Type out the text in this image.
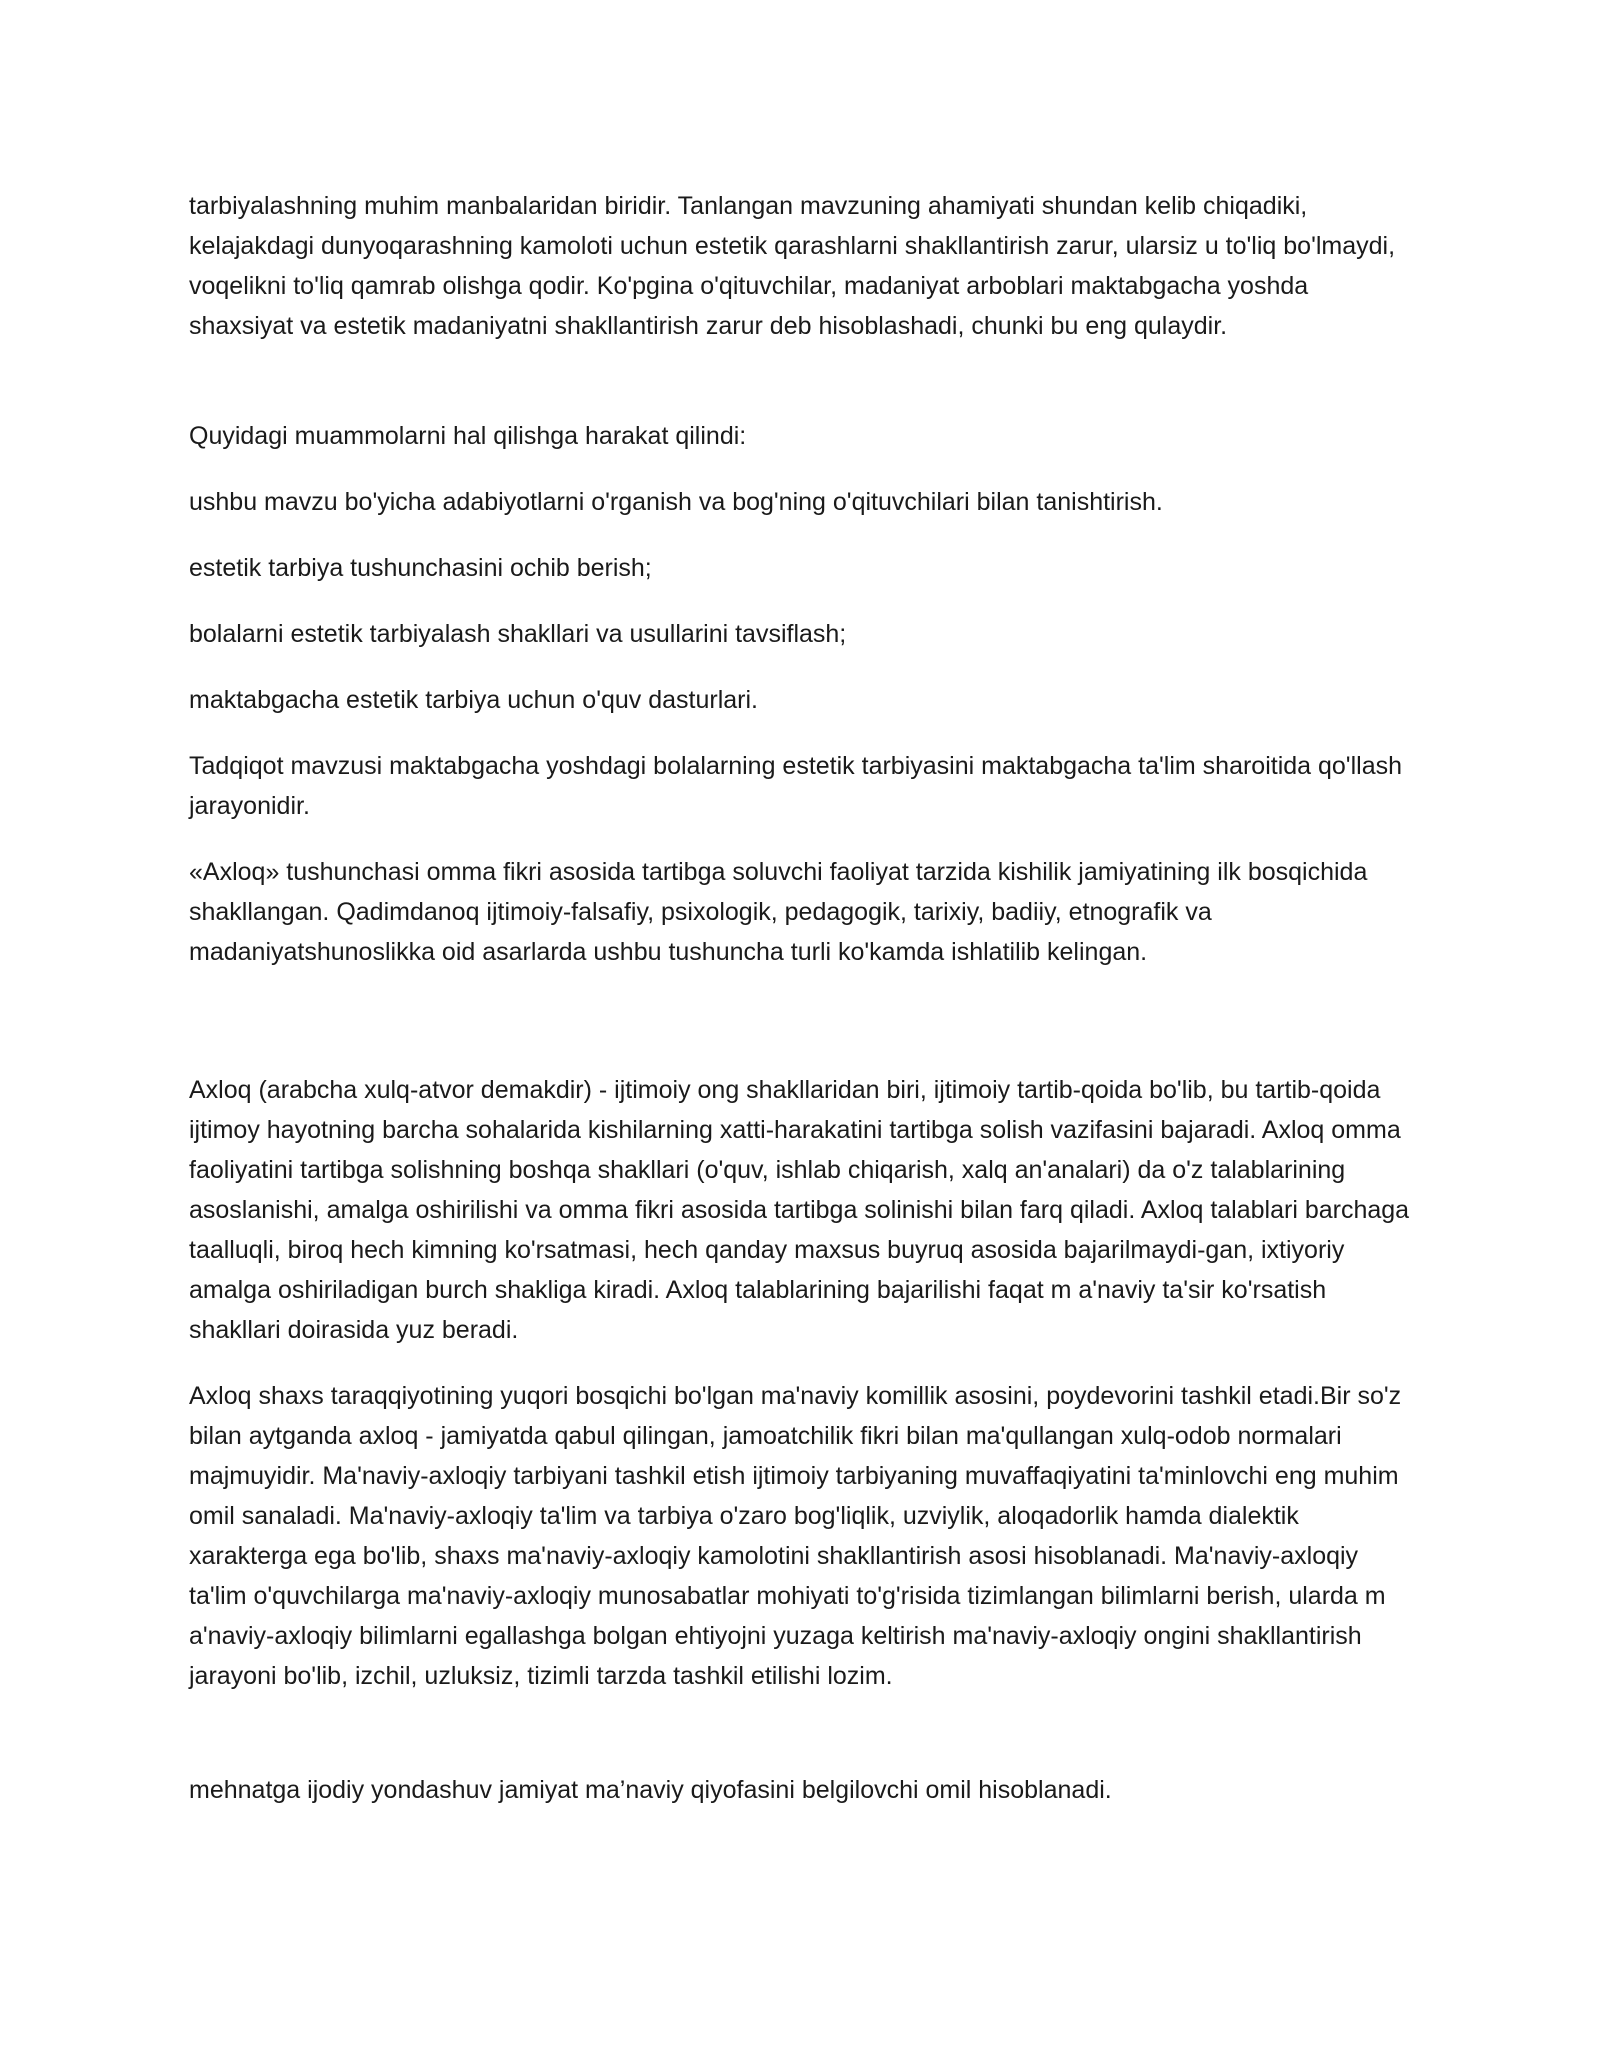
tarbiyalashning muhim manbalaridan biridir. Tanlangan mavzuning ahamiyati shundan kelib chiqadiki, kelajakdagi dunyoqarashning kamoloti uchun estetik qarashlarni shakllantirish zarur, ularsiz u to'liq bo'lmaydi, voqelikni to'liq qamrab olishga qodir. Ko'pgina o'qituvchilar, madaniyat arboblari maktabgacha yoshda shaxsiyat va estetik madaniyatni shakllantirish zarur deb hisoblashadi, chunki bu eng qulaydir.

Quyidagi muammolarni hal qilishga harakat qilindi:

ushbu mavzu bo'yicha adabiyotlarni o'rganish va bog'ning o'qituvchilari bilan tanishtirish.

estetik tarbiya tushunchasini ochib berish;

bolalarni estetik tarbiyalash shakllari va usullarini tavsiflash;

maktabgacha estetik tarbiya uchun o'quv dasturlari.

Tadqiqot mavzusi maktabgacha yoshdagi bolalarning estetik tarbiyasini maktabgacha ta'lim sharoitida qo'llash jarayonidir.

«Axloq» tushunchasi omma fikri asosida tartibga soluvchi faoliyat tarzida kishilik jamiyatining ilk bosqichida shakllangan. Qadimdanoq ijtimoiy-falsafiy, psixologik, pedagogik, tarixiy, badiiy, etnografik va madaniyatshunoslikka oid asarlarda ushbu tushuncha turli ko'kamda ishlatilib kelingan.

Axloq (arabcha xulq-atvor demakdir) - ijtimoiy ong shakllaridan biri, ijtimoiy tartib-qoida bo'lib, bu tartib-qoida ijtimoy hayotning barcha sohalarida kishilarning xatti-harakatini tartibga solish vazifasini bajaradi. Axloq omma faoliyatini tartibga solishning boshqa shakllari (o'quv, ishlab chiqarish, xalq an'analari) da o'z talablarining asoslanishi, amalga oshirilishi va omma fikri asosida tartibga solinishi bilan farq qiladi. Axloq talablari barchaga taalluqli, biroq hech kimning ko'rsatmasi, hech qanday maxsus buyruq asosida bajarilmaydi-gan, ixtiyoriy amalga oshiriladigan burch shakliga kiradi. Axloq talablarining bajarilishi faqat m a'naviy ta'sir ko'rsatish shakllari doirasida yuz beradi.

Axloq shaxs taraqqiyotining yuqori bosqichi bo'lgan ma'naviy komillik asosini, poydevorini tashkil etadi.Bir so'z bilan aytganda axloq - jamiyatda qabul qilingan, jamoatchilik fikri bilan ma'qullangan xulq-odob normalari majmuyidir. Ma'naviy-axloqiy tarbiyani tashkil etish ijtimoiy tarbiyaning muvaffaqiyatini ta'minlovchi eng muhim omil sanaladi. Ma'naviy-axloqiy ta'lim va tarbiya o'zaro bog'liqlik, uzviylik, aloqadorlik hamda dialektik xarakterga ega bo'lib, shaxs ma'naviy-axloqiy kamolotini shakllantirish asosi hisoblanadi. Ma'naviy-axloqiy ta'lim o'quvchilarga ma'naviy-axloqiy munosabatlar mohiyati to'g'risida tizimlangan bilimlarni berish, ularda m a'naviy-axloqiy bilimlarni egallashga bolgan ehtiyojni yuzaga keltirish ma'naviy-axloqiy ongini shakllantirish jarayoni bo'lib, izchil, uzluksiz, tizimli tarzda tashkil etilishi lozim.

mehnatga ijodiy yondashuv jamiyat ma’naviy qiyofasini belgilovchi omil hisoblanadi.
